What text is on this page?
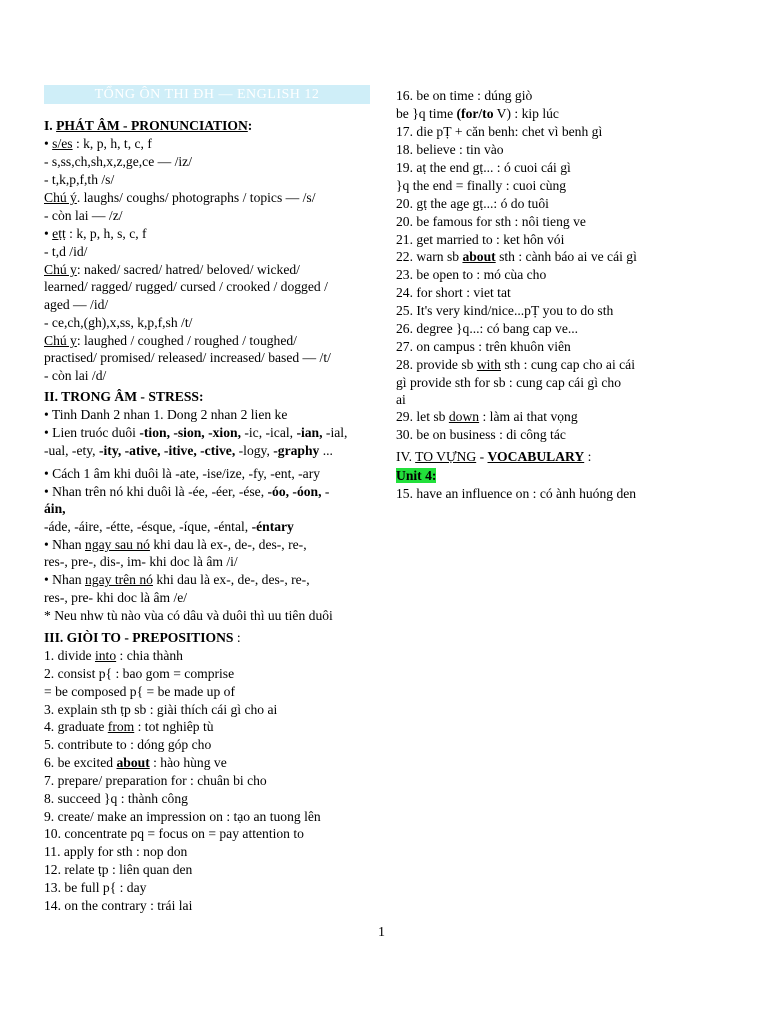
TỔNG ÔN THI ĐH — ENGLISH 12
I. PHÁT ÂM - PRONUNCIATION:
• s/es : k, p, h, t, c, f
- s,ss,ch,sh,x,z,ge,ce — /iz/
- t,k,p,f,th /s/
Chú ý. laughs/ coughs/ photographs / topics — /s/
- còn lai — /z/
• eṭṭ : k, p, h, s, c, f
- t,d /id/
Chú y: naked/ sacred/ hatred/ beloved/ wicked/
learned/ ragged/ rugged/ cursed / crooked / dogged /
aged — /id/
- ce,ch,(gh),x,ss, k,p,f,sh /t/
Chú y: laughed / coughed / roughed / toughed/
practised/ promised/ released/ increased/ based — /t/
- còn lai /d/
II. TRONG ÂM - STRESS:
• Tinh Danh 2 nhan 1. Dong 2 nhan 2 lien ke
• Lien truóc duôi -tion, -sion, -xion, -ic, -ical, -ian, -ial,
-ual, -ety, -ity, -ative, -itive, -ctive, -logy, -graphy ...
• Cách 1 âm khi duôi là -ate, -ise/ize, -fy, -ent, -ary
• Nhan trên nó khi duôi là -ée, -éer, -ése, -óo, -óon, -
áin,
-áde, -áire, -étte, -ésque, -íque, -éntal, -éntary
• Nhan ngay sau nó khi dau là ex-, de-, des-, re-,
res-, pre-, dis-, im- khi doc là âm /i/
• Nhan ngay trên nó khi dau là ex-, de-, des-, re-,
res-, pre- khi doc là âm /e/
* Neu nhw tù nào vùa có dâu và duôi thì uu tiên duôi
III. GIÒI TO - PREPOSITIONS :
1. divide into : chia thành
2. consist p{ : bao gom = comprise
= be composed p{ = be made up of
3. explain sth ṭp sb : giài thích cái gì cho ai
4. graduate from : tot nghiêp tù
5. contribute to : dóng góp cho
6. be excited about : hào hùng ve
7. prepare/ preparation for : chuân bi cho
8. succeed }q : thành công
9. create/ make an impression on : tạo an tuong lên
10. concentrate pq = focus on = pay attention to
11. apply for sth : nop don
12. relate ṭp : liên quan den
13. be full p{ : day
14. on the contrary : trái lai
16. be on time : dúng giò
be }q time (for/to V) : kip lúc
17. die pṬ + căn benh: chet vì benh gì
18. believe : tin vào
19. aṭ the end gṭ... : ó cuoi cái gì
}q the end = finally : cuoi cùng
20. gṭ the age gṭ...: ó do tuôi
20. be famous for sth : nôi tieng ve
21. get married to : ket hôn vói
22. warn sb about sth : cành báo ai ve cái gì
23. be open to : mó cùa cho
24. for short : viet tat
25. It's very kind/nice...pṬ you to do sth
26. degree }q...: có bang cap ve...
27. on campus : trên khuôn viên
28. provide sb with sth : cung cap cho ai cái
gì provide sth for sb : cung cap cái gì cho
ai
29. let sb down : làm ai that vọng
30. be on business : di công tác
IV. TO VỰNG - VOCABULARY :
Unit 4:
15. have an influence on : có ành huóng den
1
